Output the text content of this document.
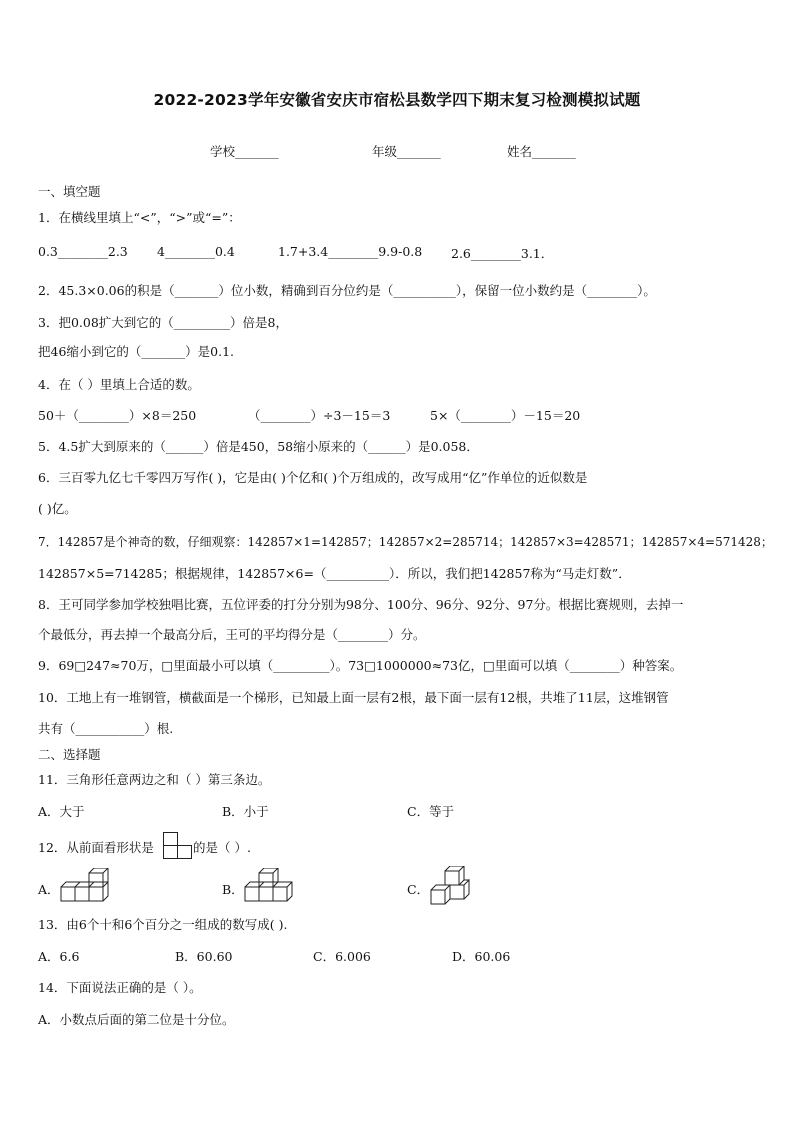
2022-2023学年安徽省安庆市宿松县数学四下期末复习检测模拟试题
学校_______	年级_______	姓名_______
一、填空题
1．在横线里填上“<”，“>”或“=”：
0.3________2.3 4________0.4	1.7+3.4________9.9-0.8 2.6________3.1．
2．45.3×0.06的积是（_______）位小数，精确到百分位约是（__________），保留一位小数约是（________）。
3．把0.08扩大到它的（_________）倍是8，
把46缩小到它的（_______）是0.1.
4．在（ ）里填上合适的数。
50＋（________）×8＝250	（________）÷3－15＝3	5×（________）－15＝20
5．4.5扩大到原来的（______）倍是450，58缩小原来的（______）是0.058．
6．三百零九亿七千零四万写作( )，它是由( )个亿和( )个万组成的，改写成用“亿”作单位的近似数是
( )亿。
7．142857是个神奇的数，仔细观察：142857×1=142857；142857×2=285714；142857×3=428571；142857×4=571428；
142857×5=714285；根据规律，142857×6=（__________）．所以，我们把142857称为“马走灯数”．
8．王可同学参加学校独唱比赛，五位评委的打分分别为98分、100分、96分、92分、97分。根据比赛规则，去掉一
个最低分，再去掉一个最高分后，王可的平均得分是（________）分。
9．69□247≈70万，□里面最小可以填（_________）。73□1000000≈73亿，□里面可以填（________）种答案。
10．工地上有一堆钢管，横截面是一个梯形，已知最上面一层有2根，最下面一层有12根，共堆了11层，这堆钢管
共有（___________）根.
二、选择题
11．三角形任意两边之和（ ）第三条边。
A．大于	B．小于	C．等于
12．从前面看形状是	的是（ ）.
A．	B．	C．
13．由6个十和6个百分之一组成的数写成( ).
A．6.6	B．60.60	C．6.006	D．60.06
14．下面说法正确的是（ ）。
A．小数点后面的第二位是十分位。
